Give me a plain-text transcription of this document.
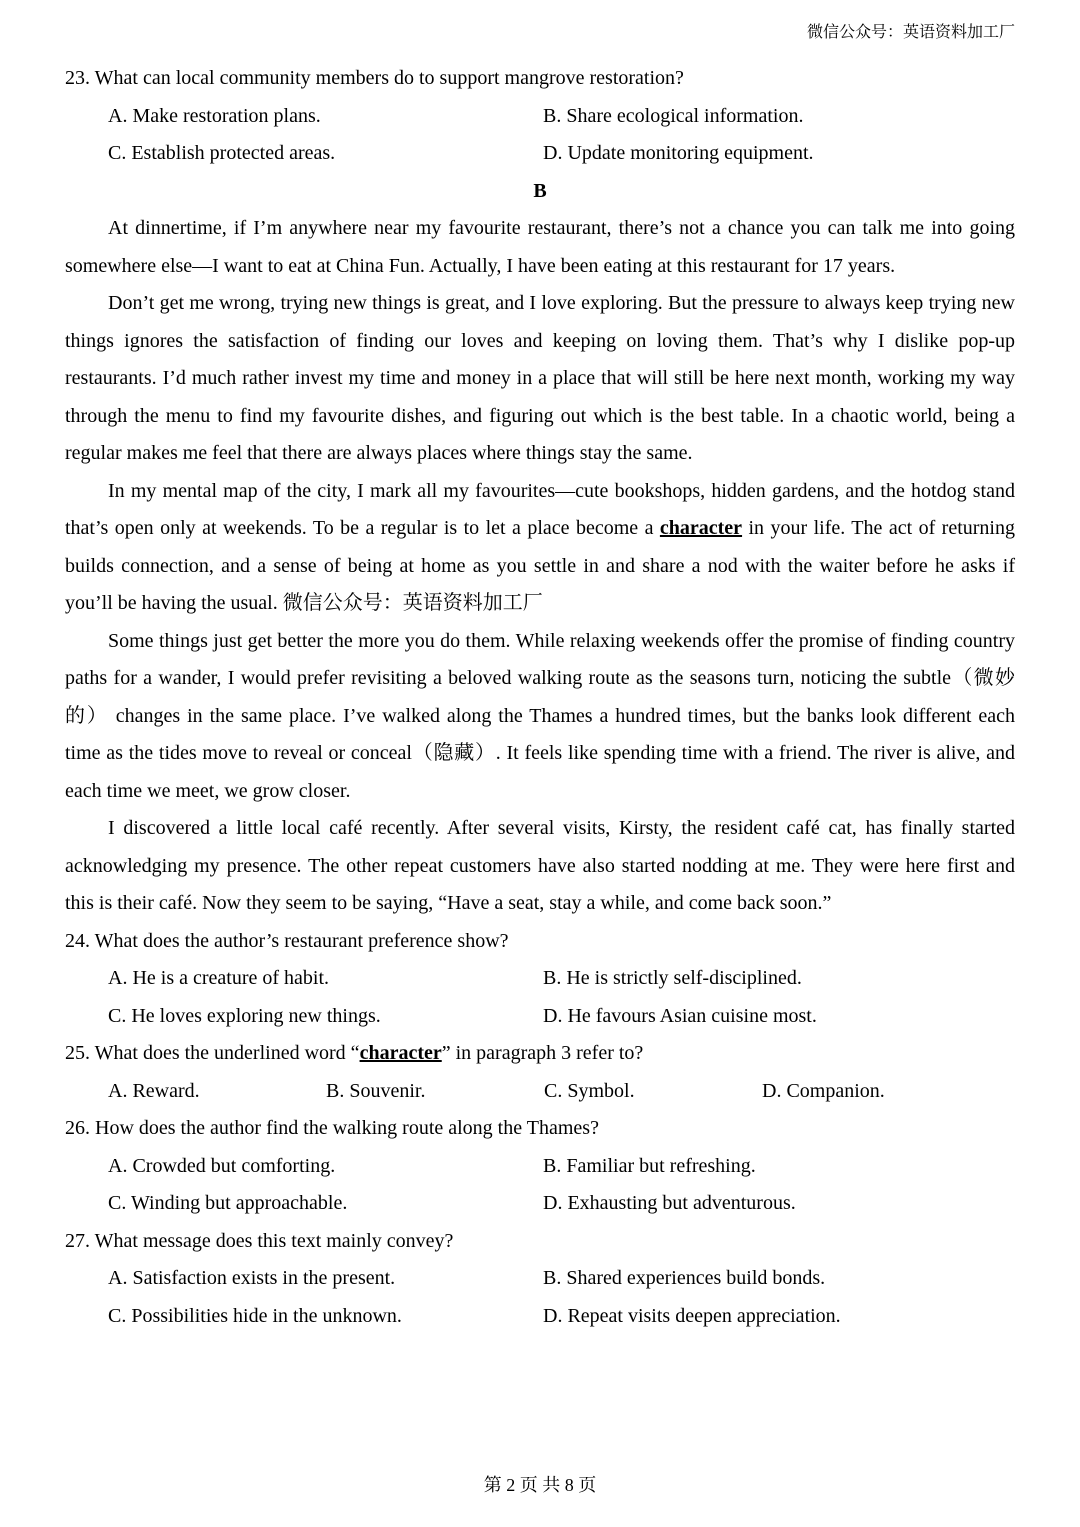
微信公众号：英语资料加工厂
23. What can local community members do to support mangrove restoration?
A. Make restoration plans.	B. Share ecological information.
C. Establish protected areas.	D. Update monitoring equipment.
B

At dinnertime, if I’m anywhere near my favourite restaurant, there’s not a chance you can talk me into going somewhere else—I want to eat at China Fun. Actually, I have been eating at this restaurant for 17 years.

Don’t get me wrong, trying new things is great, and I love exploring. But the pressure to always keep trying new things ignores the satisfaction of finding our loves and keeping on loving them. That’s why I dislike pop-up restaurants. I’d much rather invest my time and money in a place that will still be here next month, working my way through the menu to find my favourite dishes, and figuring out which is the best table. In a chaotic world, being a regular makes me feel that there are always places where things stay the same.

In my mental map of the city, I mark all my favourites—cute bookshops, hidden gardens, and the hotdog stand that’s open only at weekends. To be a regular is to let a place become a character in your life. The act of returning builds connection, and a sense of being at home as you settle in and share a nod with the waiter before he asks if you’ll be having the usual. 微信公众号：英语资料加工厂

Some things just get better the more you do them. While relaxing weekends offer the promise of finding country paths for a wander, I would prefer revisiting a beloved walking route as the seasons turn, noticing the subtle（微妙的） changes in the same place. I’ve walked along the Thames a hundred times, but the banks look different each time as the tides move to reveal or conceal（隐藏）. It feels like spending time with a friend. The river is alive, and each time we meet, we grow closer.

I discovered a little local café recently. After several visits, Kirsty, the resident café cat, has finally started acknowledging my presence. The other repeat customers have also started nodding at me. They were here first and this is their café. Now they seem to be saying, “Have a seat, stay a while, and come back soon.”

24. What does the author’s restaurant preference show?
A. He is a creature of habit.	B. He is strictly self-disciplined.
C. He loves exploring new things.	D. He favours Asian cuisine most.
25. What does the underlined word “character” in paragraph 3 refer to?
A. Reward.	B. Souvenir.	C. Symbol.	D. Companion.
26. How does the author find the walking route along the Thames?
A. Crowded but comforting.	B. Familiar but refreshing.
C. Winding but approachable.	D. Exhausting but adventurous.
27. What message does this text mainly convey?
A. Satisfaction exists in the present.	B. Shared experiences build bonds.
C. Possibilities hide in the unknown.	D. Repeat visits deepen appreciation.
第 2 页 共 8 页
